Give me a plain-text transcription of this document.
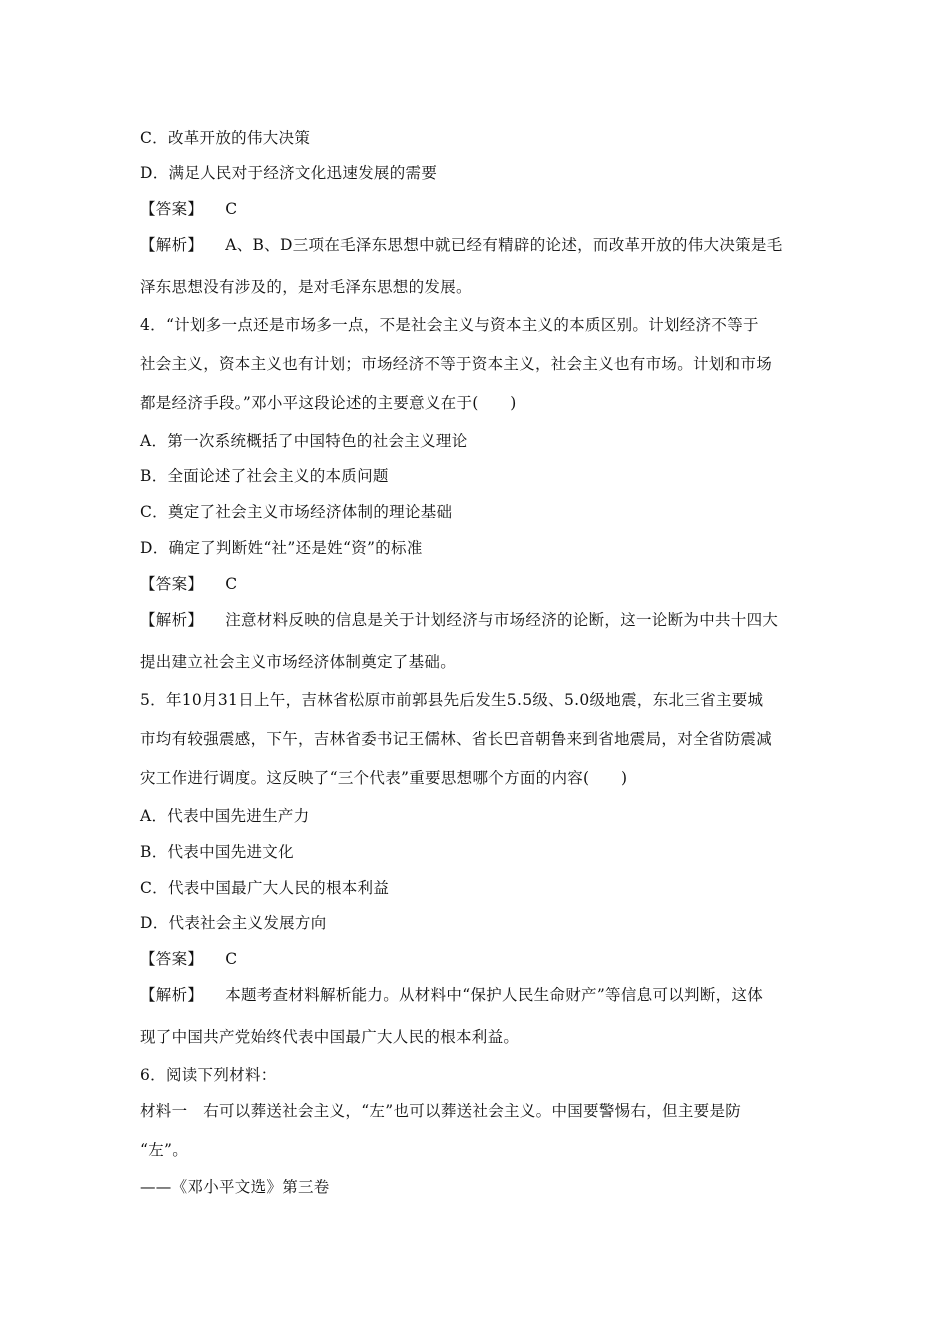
C．改革开放的伟大决策
D．满足人民对于经济文化迅速发展的需要
【答案】 C
【解析】 A、B、D三项在毛泽东思想中就已经有精辟的论述，而改革开放的伟大决策是毛
泽东思想没有涉及的，是对毛泽东思想的发展。
4．“计划多一点还是市场多一点，不是社会主义与资本主义的本质区别。计划经济不等于
社会主义，资本主义也有计划；市场经济不等于资本主义，社会主义也有市场。计划和市场
都是经济手段。”邓小平这段论述的主要意义在于(　　)
A．第一次系统概括了中国特色的社会主义理论
B．全面论述了社会主义的本质问题
C．奠定了社会主义市场经济体制的理论基础
D．确定了判断姓“社”还是姓“资”的标准
【答案】 C
【解析】 注意材料反映的信息是关于计划经济与市场经济的论断，这一论断为中共十四大
提出建立社会主义市场经济体制奠定了基础。
5．年10月31日上午，吉林省松原市前郭县先后发生5.5级、5.0级地震，东北三省主要城
市均有较强震感，下午，吉林省委书记王儒林、省长巴音朝鲁来到省地震局，对全省防震减
灾工作进行调度。这反映了“三个代表”重要思想哪个方面的内容(　　)
A．代表中国先进生产力
B．代表中国先进文化
C．代表中国最广大人民的根本利益
D．代表社会主义发展方向
【答案】 C
【解析】 本题考查材料解析能力。从材料中“保护人民生命财产”等信息可以判断，这体
现了中国共产党始终代表中国最广大人民的根本利益。
6．阅读下列材料：
材料一　右可以葬送社会主义，“左”也可以葬送社会主义。中国要警惕右，但主要是防
“左”。
——《邓小平文选》第三卷
